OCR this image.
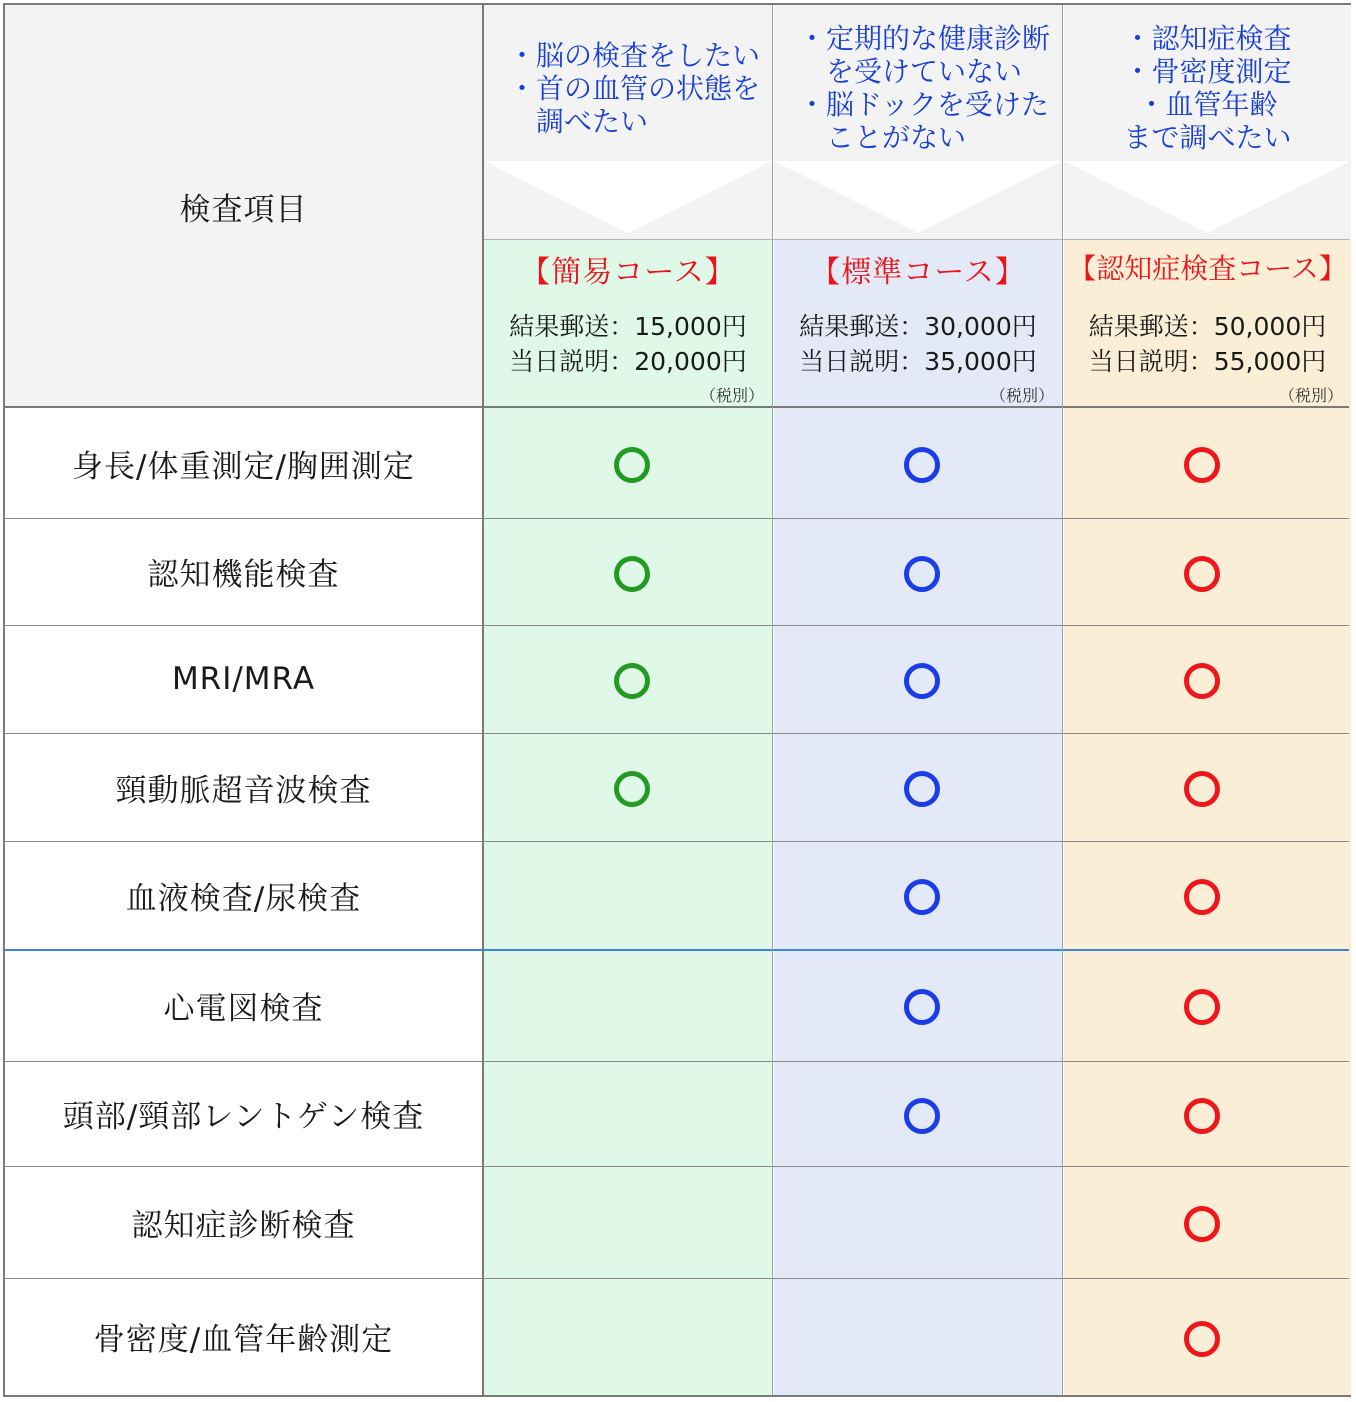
検査項目
・脳の検査をしたい
・首の血管の状態を
　調べたい
【簡易コース】
結果郵送：15,000円
当日説明：20,000円
（税別）
・定期的な健康診断
　を受けていない
・脳ドックを受けた
　ことがない
【標準コース】
結果郵送：30,000円
当日説明：35,000円
（税別）
・認知症検査
・骨密度測定
・血管年齢
まで調べたい
【認知症検査コース】
結果郵送：50,000円
当日説明：55,000円
（税別）
身長/体重測定/胸囲測定
認知機能検査
MRI/MRA
頸動脈超音波検査
血液検査/尿検査
心電図検査
頭部/頸部レントゲン検査
認知症診断検査
骨密度/血管年齢測定
